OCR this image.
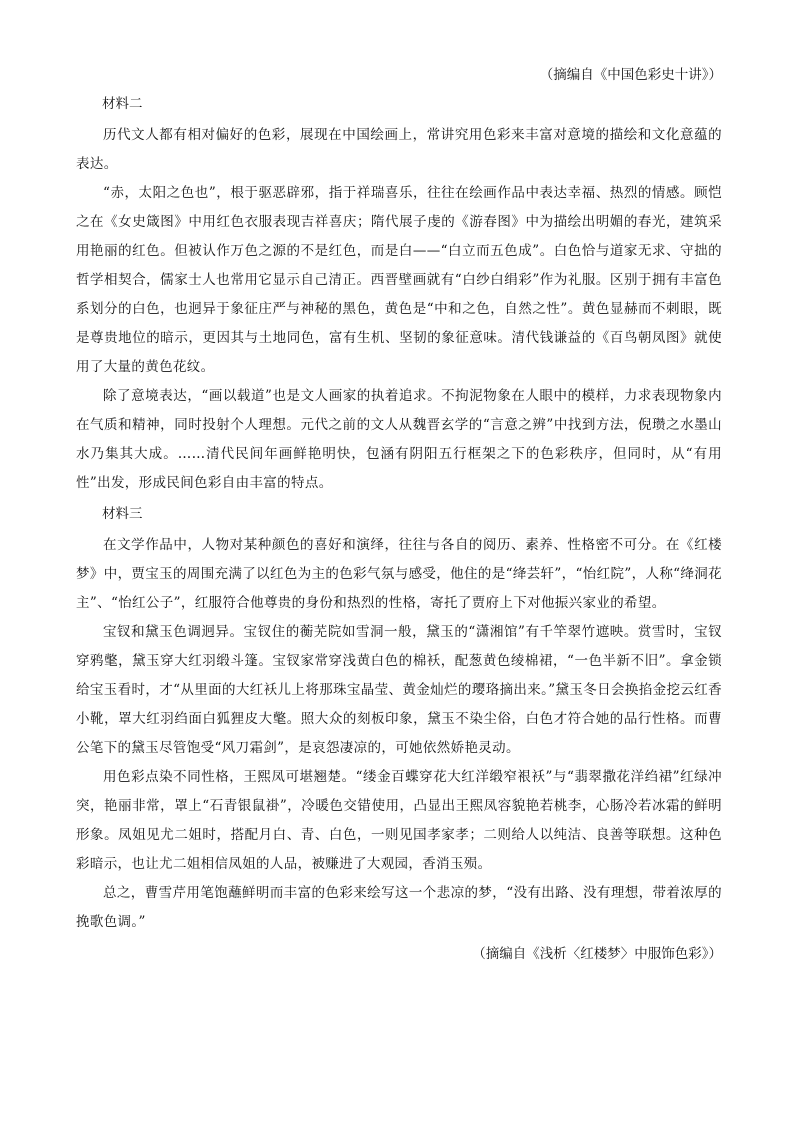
（摘编自《中国色彩史十讲》）
材料二

历代文人都有相对偏好的色彩，展现在中国绘画上，常讲究用色彩来丰富对意境的描绘和文化意蕴的表达。

“赤，太阳之色也”，根于驱恶辟邪，指于祥瑞喜乐，往往在绘画作品中表达幸福、热烈的情感。顾恺之在《女史箴图》中用红色衣服表现吉祥喜庆；隋代展子虔的《游春图》中为描绘出明媚的春光，建筑采用艳丽的红色。但被认作万色之源的不是红色，而是白——“白立而五色成”。白色恰与道家无求、守拙的哲学相契合，儒家士人也常用它显示自己清正。西晋壁画就有“白纱白绢彩”作为礼服。区别于拥有丰富色系划分的白色，也迥异于象征庄严与神秘的黑色，黄色是“中和之色，自然之性”。黄色显赫而不刺眼，既是尊贵地位的暗示，更因其与土地同色，富有生机、坚韧的象征意味。清代钱谦益的《百鸟朝凤图》就使用了大量的黄色花纹。

除了意境表达，“画以载道”也是文人画家的执着追求。不拘泥物象在人眼中的模样，力求表现物象内在气质和精神，同时投射个人理想。元代之前的文人从魏晋玄学的“言意之辨”中找到方法，倪瓒之水墨山水乃集其大成。……清代民间年画鲜艳明快，包涵有阴阳五行框架之下的色彩秩序，但同时，从“有用性”出发，形成民间色彩自由丰富的特点。

材料三

在文学作品中，人物对某种颜色的喜好和演绎，往往与各自的阅历、素养、性格密不可分。在《红楼梦》中，贾宝玉的周围充满了以红色为主的色彩气氛与感受，他住的是“绛芸轩”，“怡红院”，人称“绛洞花主”、“怡红公子”，红服符合他尊贵的身份和热烈的性格，寄托了贾府上下对他振兴家业的希望。

宝钗和黛玉色调迥异。宝钗住的蘅芜院如雪洞一般，黛玉的“潇湘馆”有千竿翠竹遮映。赏雪时，宝钗穿鸦氅，黛玉穿大红羽缎斗篷。宝钗家常穿浅黄白色的棉袄，配葱黄色绫棉裙，“一色半新不旧”。拿金锁给宝玉看时，才“从里面的大红袄儿上将那珠宝晶莹、黄金灿烂的璎珞摘出来。”黛玉冬日会换掐金挖云红香小靴，罩大红羽绉面白狐狸皮大氅。照大众的刻板印象，黛玉不染尘俗，白色才符合她的品行性格。而曹公笔下的黛玉尽管饱受“风刀霜剑”，是哀怨凄凉的，可她依然娇艳灵动。

用色彩点染不同性格，王熙凤可堪翘楚。“缕金百蝶穿花大红洋缎窄裉袄”与“翡翠撒花洋绉裙”红绿冲突，艳丽非常，罩上“石青银鼠褂”，冷暖色交错使用，凸显出王熙凤容貌艳若桃李，心肠冷若冰霜的鲜明形象。凤姐见尤二姐时，搭配月白、青、白色，一则见国孝家孝；二则给人以纯洁、良善等联想。这种色彩暗示，也让尤二姐相信凤姐的人品，被赚进了大观园，香消玉殒。

总之，曹雪芹用笔饱蘸鲜明而丰富的色彩来绘写这一个悲凉的梦，“没有出路、没有理想，带着浓厚的挽歌色调。”

（摘编自《浅析〈红楼梦〉中服饰色彩》）
